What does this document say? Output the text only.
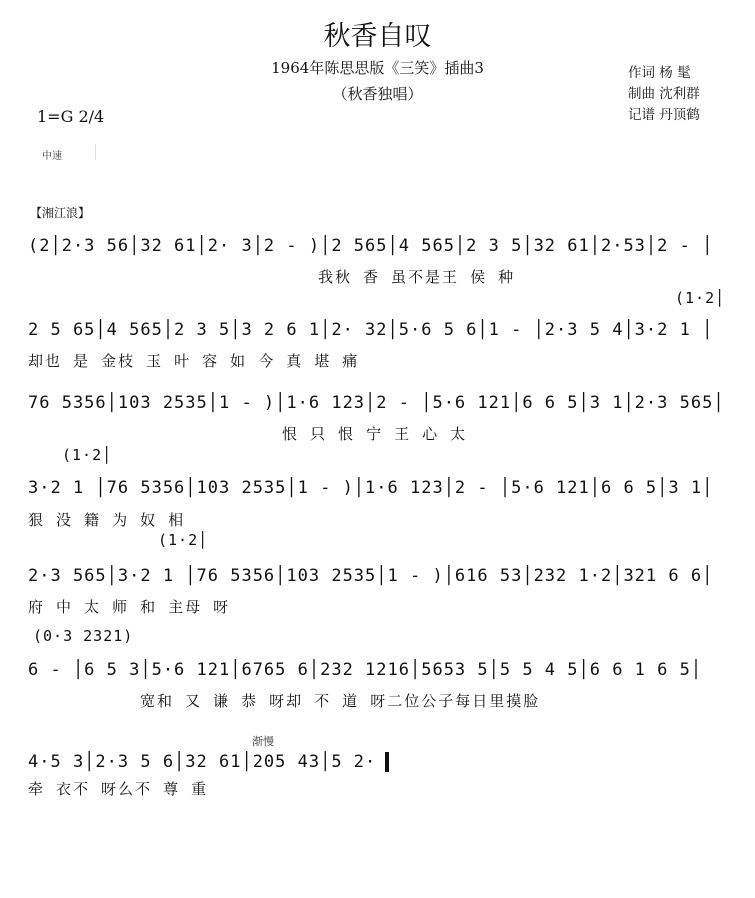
秋香自叹
1964年陈思思版《三笑》插曲3
（秋香独唱）
作词 杨 髦
制曲 沈利群
记谱 丹顶鹤
1=G 2/4
中速
【湘江浪】
(2│2·3 56│32 61│2· 3│2 - )│2 565│4 565│2 3 5│32 61│2·53│2 - │
我秋 香 虽不是王 侯 种
(1·2│
2 5 65│4 565│2 3 5│3 2 6 1│2· 32│5·6 5 6│1 - │2·3 5 4│3·2 1 │
却也 是 金枝 玉 叶 容 如 今 真 堪 痛
76 5356│103 2535│1 - )│1·6 123│2 - │5·6 121│6 6 5│3 1│2·3 565│
恨 只 恨 宁 王 心 太
(1·2│
3·2 1 │76 5356│103 2535│1 - )│1·6 123│2 - │5·6 121│6 6 5│3 1│
狠 没 籍 为 奴 相
(1·2│
2·3 565│3·2 1 │76 5356│103 2535│1 - )│616 53│232 1·2│321 6 6│
府 中 太 师 和 主母 呀
(0·3 2321)
6 - │6 5 3│5·6 121│6765 6│232 1216│5653 5│5 5 4 5│6 6 1 6 5│
宽和 又 谦 恭 呀却 不 道 呀二位公子每日里摸脸
渐慢
4·5 3│2·3 5 6│32 61│205 43│5 2·
牵 衣不 呀么不 尊 重
